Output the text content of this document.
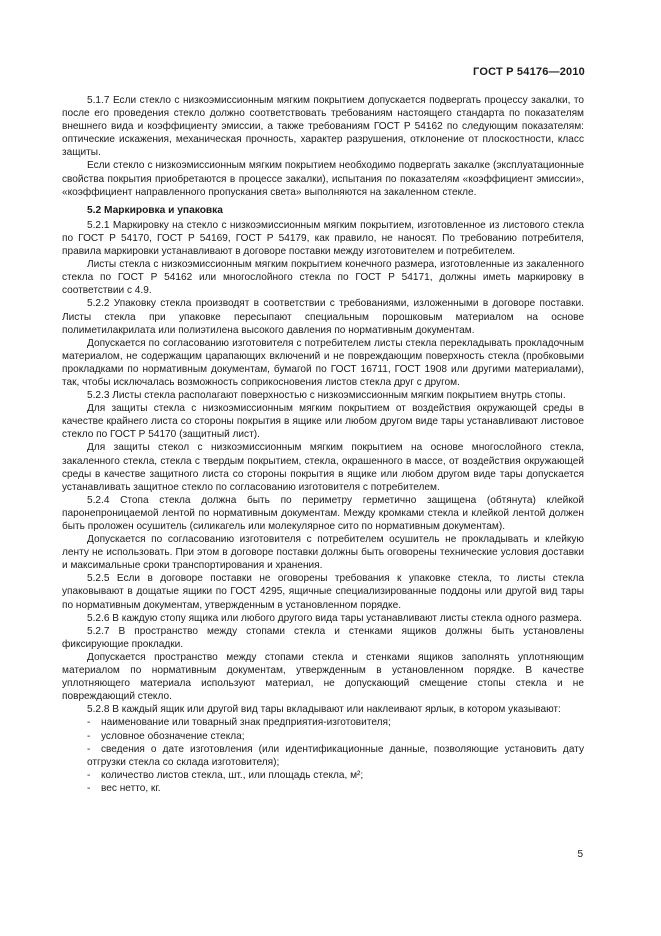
ГОСТ Р 54176—2010

5.1.7 Если стекло с низкоэмиссионным мягким покрытием допускается подвергать процессу закалки, то после его проведения стекло должно соответствовать требованиям настоящего стандарта по показателям внешнего вида и коэффициенту эмиссии, а также требованиям ГОСТ Р 54162 по следующим показателям: оптические искажения, механическая прочность, характер разрушения, отклонение от плоскостности, класс защиты.

Если стекло с низкоэмиссионным мягким покрытием необходимо подвергать закалке (эксплуатационные свойства покрытия приобретаются в процессе закалки), испытания по показателям «коэффициент эмиссии», «коэффициент направленного пропускания света» выполняются на закаленном стекле.

5.2 Маркировка и упаковка

5.2.1 Маркировку на стекло с низкоэмиссионным мягким покрытием, изготовленное из листового стекла по ГОСТ Р 54170, ГОСТ Р 54169, ГОСТ Р 54179, как правило, не наносят. По требованию потребителя, правила маркировки устанавливают в договоре поставки между изготовителем и потребителем.

Листы стекла с низкоэмиссионным мягким покрытием конечного размера, изготовленные из закаленного стекла по ГОСТ Р 54162 или многослойного стекла по ГОСТ Р 54171, должны иметь маркировку в соответствии с 4.9.

5.2.2 Упаковку стекла производят в соответствии с требованиями, изложенными в договоре поставки. Листы стекла при упаковке пересыпают специальным порошковым материалом на основе полиметилакрилата или полиэтилена высокого давления по нормативным документам.

Допускается по согласованию изготовителя с потребителем листы стекла перекладывать прокладочным материалом, не содержащим царапающих включений и не повреждающим поверхность стекла (пробковыми прокладками по нормативным документам, бумагой по ГОСТ 16711, ГОСТ 1908 или другими материалами), так, чтобы исключалась возможность соприкосновения листов стекла друг с другом.

5.2.3 Листы стекла располагают поверхностью с низкоэмиссионным мягким покрытием внутрь стопы.

Для защиты стекла с низкоэмиссионным мягким покрытием от воздействия окружающей среды в качестве крайнего листа со стороны покрытия в ящике или любом другом виде тары устанавливают листовое стекло по ГОСТ Р 54170 (защитный лист).

Для защиты стекол с низкоэмиссионным мягким покрытием на основе многослойного стекла, закаленного стекла, стекла с твердым покрытием, стекла, окрашенного в массе, от воздействия окружающей среды в качестве защитного листа со стороны покрытия в ящике или любом другом виде тары допускается устанавливать защитное стекло по согласованию изготовителя с потребителем.

5.2.4 Стопа стекла должна быть по периметру герметично защищена (обтянута) клейкой паронепроницаемой лентой по нормативным документам. Между кромками стекла и клейкой лентой должен быть проложен осушитель (силикагель или молекулярное сито по нормативным документам).

Допускается по согласованию изготовителя с потребителем осушитель не прокладывать и клейкую ленту не использовать. При этом в договоре поставки должны быть оговорены технические условия доставки и максимальные сроки транспортирования и хранения.

5.2.5 Если в договоре поставки не оговорены требования к упаковке стекла, то листы стекла упаковывают в дощатые ящики по ГОСТ 4295, ящичные специализированные поддоны или другой вид тары по нормативным документам, утвержденным в установленном порядке.

5.2.6 В каждую стопу ящика или любого другого вида тары устанавливают листы стекла одного размера.

5.2.7 В пространство между стопами стекла и стенками ящиков должны быть установлены фиксирующие прокладки.

Допускается пространство между стопами стекла и стенками ящиков заполнять уплотняющим материалом по нормативным документам, утвержденным в установленном порядке. В качестве уплотняющего материала используют материал, не допускающий смещение стопы стекла и не повреждающий стекло.

5.2.8 В каждый ящик или другой вид тары вкладывают или наклеивают ярлык, в котором указывают:

- наименование или товарный знак предприятия-изготовителя;
- условное обозначение стекла;
- сведения о дате изготовления (или идентификационные данные, позволяющие установить дату отгрузки стекла со склада изготовителя);
- количество листов стекла, шт., или площадь стекла, м²;
- вес нетто, кг.
5
